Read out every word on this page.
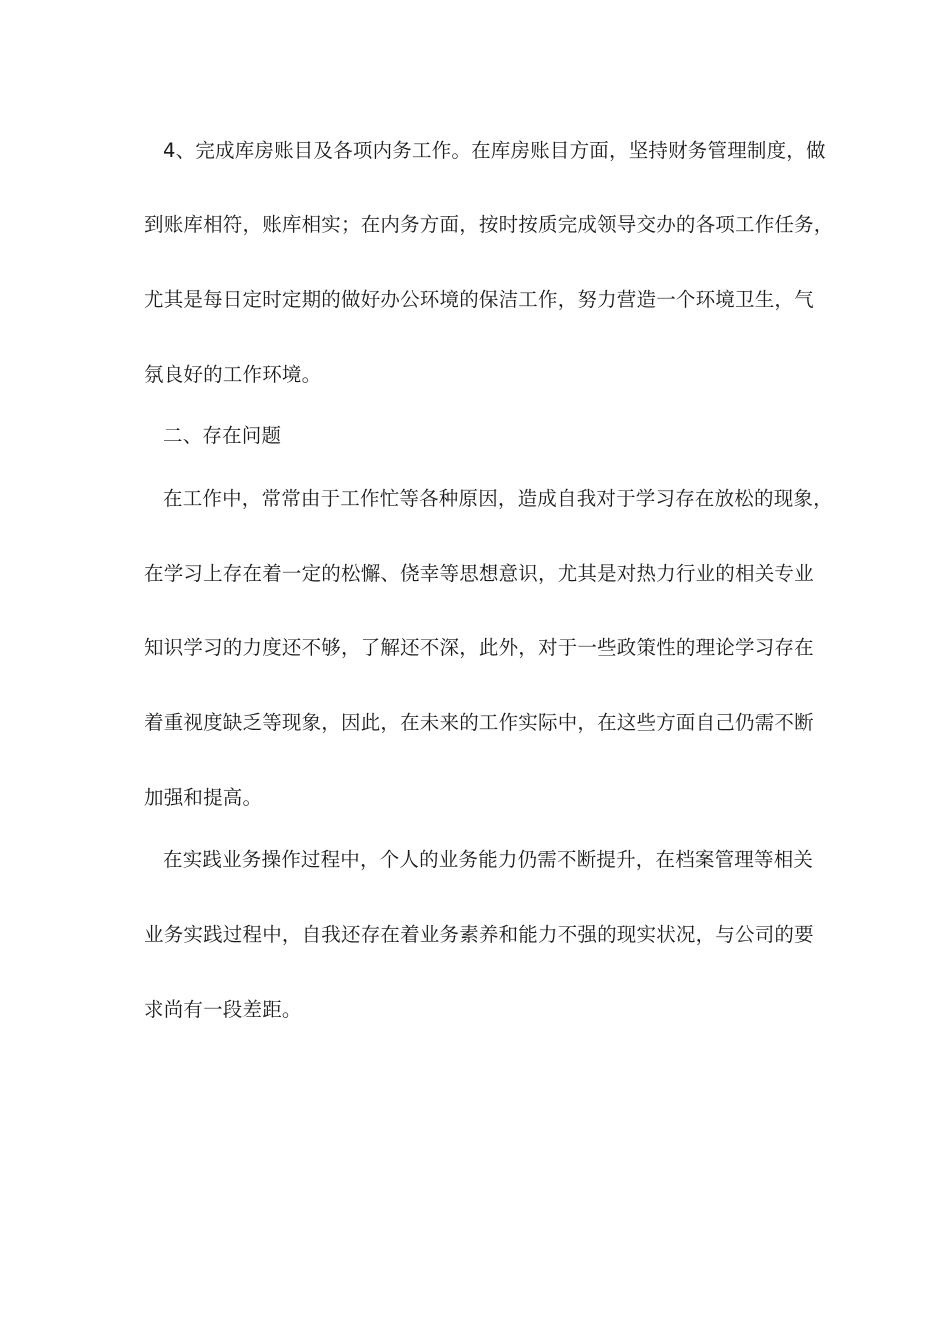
4、完成库房账目及各项内务工作。在库房账目方面，坚持财务管理制度，做
到账库相符，账库相实；在内务方面，按时按质完成领导交办的各项工作任务，
尤其是每日定时定期的做好办公环境的保洁工作，努力营造一个环境卫生，气
氛良好的工作环境。
二、存在问题
在工作中，常常由于工作忙等各种原因，造成自我对于学习存在放松的现象，
在学习上存在着一定的松懈、侥幸等思想意识，尤其是对热力行业的相关专业
知识学习的力度还不够，了解还不深，此外，对于一些政策性的理论学习存在
着重视度缺乏等现象，因此，在未来的工作实际中，在这些方面自己仍需不断
加强和提高。
在实践业务操作过程中，个人的业务能力仍需不断提升，在档案管理等相关
业务实践过程中，自我还存在着业务素养和能力不强的现实状况，与公司的要
求尚有一段差距。
